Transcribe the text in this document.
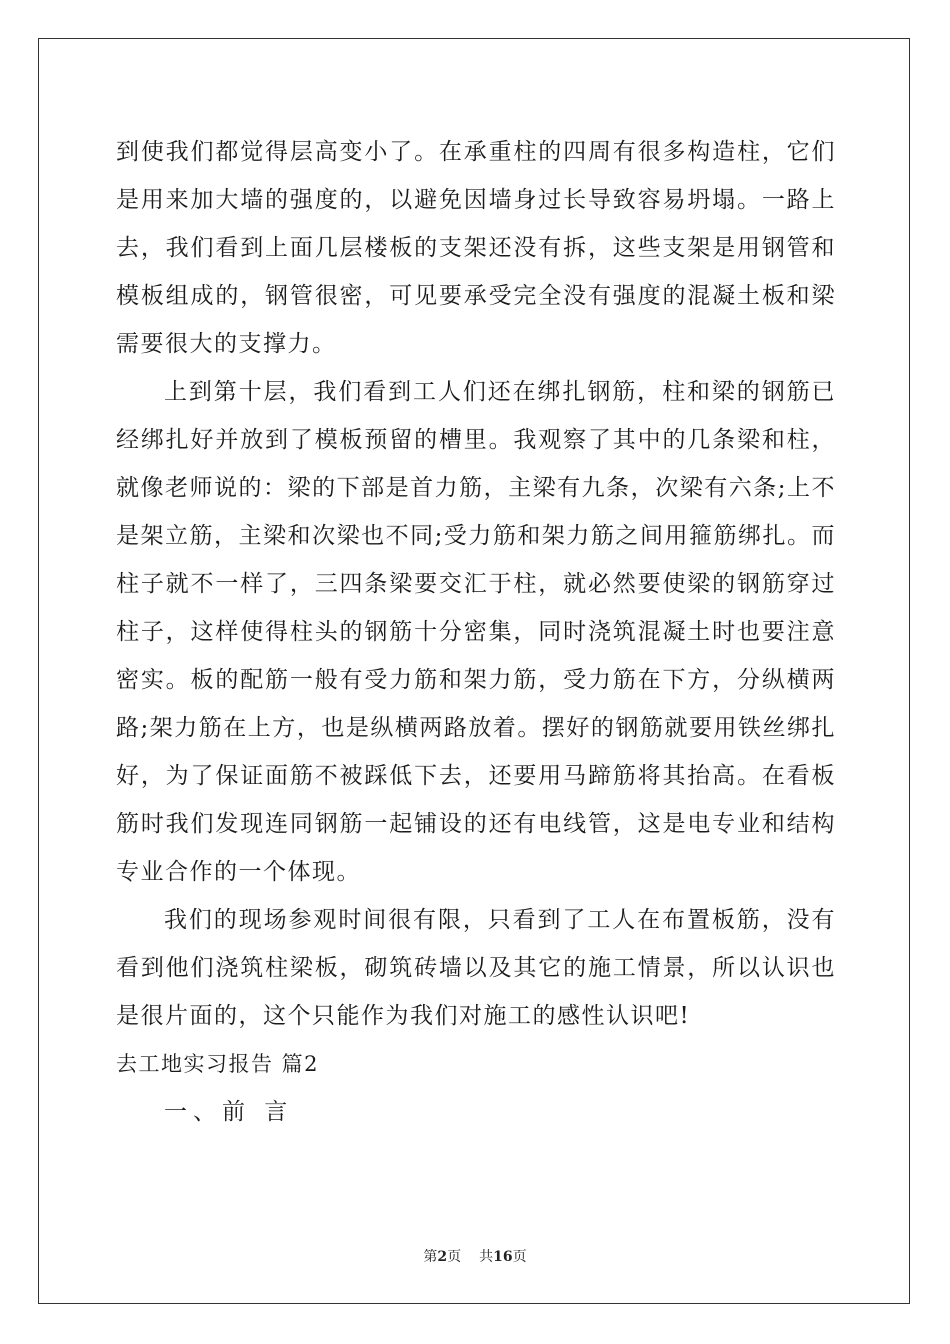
到使我们都觉得层高变小了。在承重柱的四周有很多构造柱，它们是用来加大墙的强度的，以避免因墙身过长导致容易坍塌。一路上去，我们看到上面几层楼板的支架还没有拆，这些支架是用钢管和模板组成的，钢管很密，可见要承受完全没有强度的混凝土板和梁需要很大的支撑力。

上到第十层，我们看到工人们还在绑扎钢筋，柱和梁的钢筋已经绑扎好并放到了模板预留的槽里。我观察了其中的几条梁和柱，就像老师说的：梁的下部是首力筋，主梁有九条，次梁有六条;上不是架立筋，主梁和次梁也不同;受力筋和架力筋之间用箍筋绑扎。而柱子就不一样了，三四条梁要交汇于柱，就必然要使梁的钢筋穿过柱子，这样使得柱头的钢筋十分密集，同时浇筑混凝土时也要注意密实。板的配筋一般有受力筋和架力筋，受力筋在下方，分纵横两路;架力筋在上方，也是纵横两路放着。摆好的钢筋就要用铁丝绑扎好，为了保证面筋不被踩低下去，还要用马蹄筋将其抬高。在看板筋时我们发现连同钢筋一起铺设的还有电线管，这是电专业和结构专业合作的一个体现。

我们的现场参观时间很有限，只看到了工人在布置板筋，没有看到他们浇筑柱梁板，砌筑砖墙以及其它的施工情景，所以认识也是很片面的，这个只能作为我们对施工的感性认识吧!

去工地实习报告 篇2

一、前 言

第2页 共16页
